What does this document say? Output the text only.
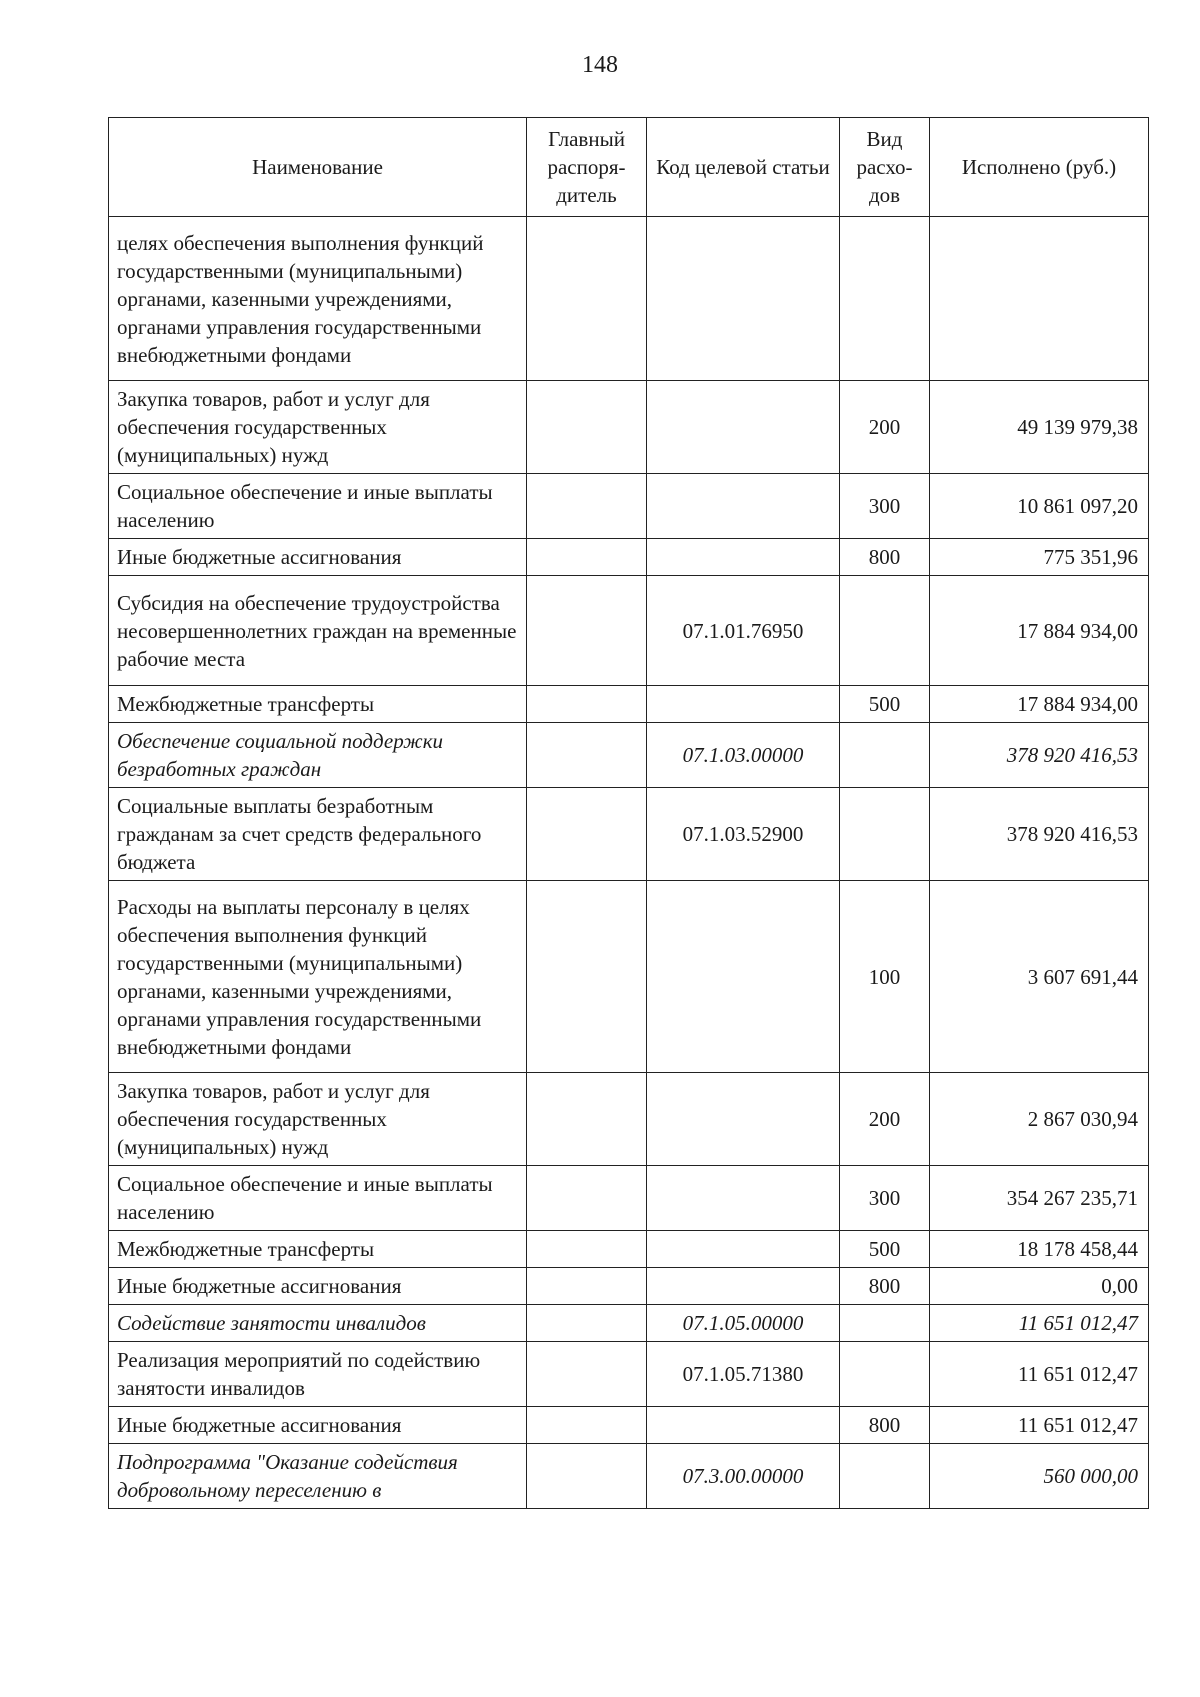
148
Наименование	Главный распоря- дитель	Код целевой статьи	Вид расхо- дов	Исполнено (руб.)
целях обеспечения выполнения функций государственными (муниципальными) органами, казенными учреждениями, органами управления государственными внебюджетными фондами				
Закупка товаров, работ и услуг для обеспечения государственных (муниципальных) нужд			200	49 139 979,38
Социальное обеспечение и иные выплаты населению			300	10 861 097,20
Иные бюджетные ассигнования			800	775 351,96
Субсидия на обеспечение трудоустройства несовершеннолетних граждан на временные рабочие места		07.1.01.76950		17 884 934,00
Межбюджетные трансферты			500	17 884 934,00
Обеспечение социальной поддержки безработных граждан		07.1.03.00000		378 920 416,53
Социальные выплаты безработным гражданам за счет средств федерального бюджета		07.1.03.52900		378 920 416,53
Расходы на выплаты персоналу в целях обеспечения выполнения функций государственными (муниципальными) органами, казенными учреждениями, органами управления государственными внебюджетными фондами			100	3 607 691,44
Закупка товаров, работ и услуг для обеспечения государственных (муниципальных) нужд			200	2 867 030,94
Социальное обеспечение и иные выплаты населению			300	354 267 235,71
Межбюджетные трансферты			500	18 178 458,44
Иные бюджетные ассигнования			800	0,00
Содействие занятости инвалидов		07.1.05.00000		11 651 012,47
Реализация мероприятий по содействию занятости инвалидов		07.1.05.71380		11 651 012,47
Иные бюджетные ассигнования			800	11 651 012,47
Подпрограмма "Оказание содействия добровольному переселению в		07.3.00.00000		560 000,00
